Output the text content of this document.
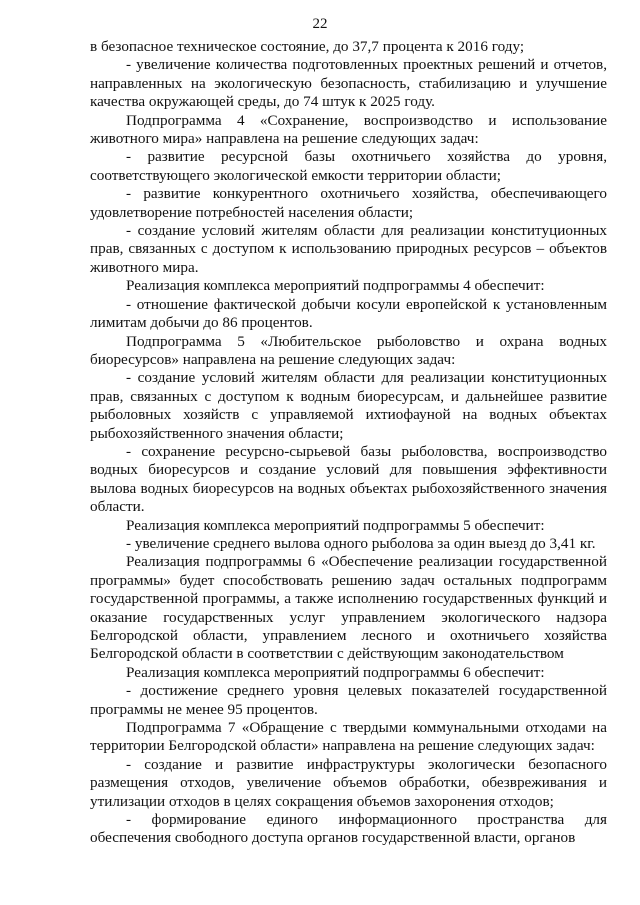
22

в безопасное техническое состояние, до 37,7 процента к 2016 году;

- увеличение количества подготовленных проектных решений и отчетов, направленных на экологическую безопасность, стабилизацию и улучшение качества окружающей среды, до 74 штук к 2025 году.

Подпрограмма 4 «Сохранение, воспроизводство и использование животного мира» направлена на решение следующих задач:

- развитие ресурсной базы охотничьего хозяйства до уровня, соответствующего экологической емкости территории области;

- развитие конкурентного охотничьего хозяйства, обеспечивающего удовлетворение потребностей населения области;

- создание условий жителям области для реализации конституционных прав, связанных с доступом к использованию природных ресурсов – объектов животного мира.

Реализация комплекса мероприятий подпрограммы 4 обеспечит:

- отношение фактической добычи косули европейской к установленным лимитам добычи до 86 процентов.

Подпрограмма 5 «Любительское рыболовство и охрана водных биоресурсов» направлена на решение следующих задач:

- создание условий жителям области для реализации конституционных прав, связанных с доступом к водным биоресурсам, и дальнейшее развитие рыболовных хозяйств с управляемой ихтиофауной на водных объектах рыбохозяйственного значения области;

- сохранение ресурсно-сырьевой базы рыболовства, воспроизводство водных биоресурсов и создание условий для повышения эффективности вылова водных биоресурсов на водных объектах рыбохозяйственного значения области.

Реализация комплекса мероприятий подпрограммы 5 обеспечит:

- увеличение среднего вылова одного рыболова за один выезд до 3,41 кг.

Реализация подпрограммы 6 «Обеспечение реализации государственной программы» будет способствовать решению задач остальных подпрограмм государственной программы, а также исполнению государственных функций и оказание государственных услуг управлением экологического надзора Белгородской области, управлением лесного и охотничьего хозяйства Белгородской области в соответствии с действующим законодательством

Реализация комплекса мероприятий подпрограммы 6 обеспечит:

- достижение среднего уровня целевых показателей государственной программы не менее 95 процентов.

Подпрограмма 7 «Обращение с твердыми коммунальными отходами на территории Белгородской области» направлена на решение следующих задач:

- создание и развитие инфраструктуры экологически безопасного размещения отходов, увеличение объемов обработки, обезвреживания и утилизации отходов в целях сокращения объемов захоронения отходов;

- формирование единого информационного пространства для обеспечения свободного доступа органов государственной власти, органов
